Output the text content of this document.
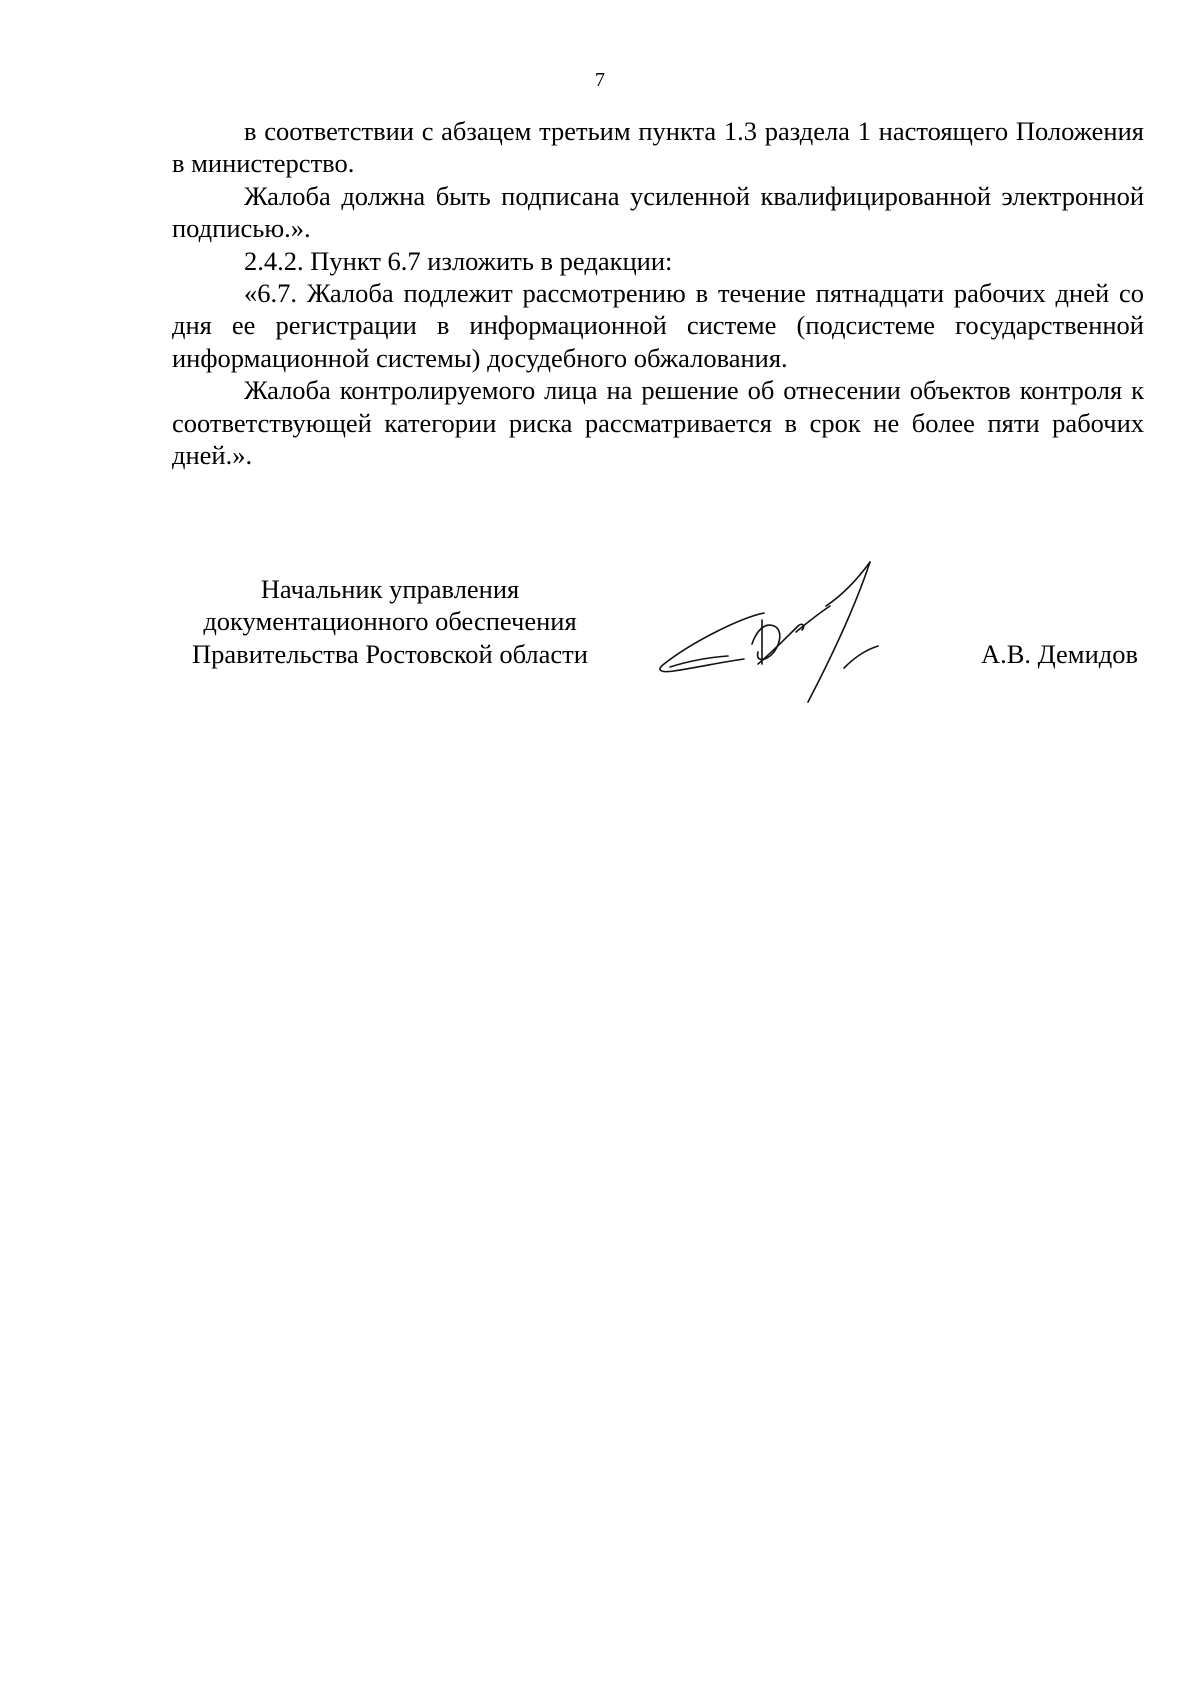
7

в соответствии с абзацем третьим пункта 1.3 раздела 1 настоящего Положения в министерство.

Жалоба должна быть подписана усиленной квалифицированной электронной подписью.».

2.4.2. Пункт 6.7 изложить в редакции:

«6.7. Жалоба подлежит рассмотрению в течение пятнадцати рабочих дней со дня ее регистрации в информационной системе (подсистеме государственной информационной системы) досудебного обжалования.

Жалоба контролируемого лица на решение об отнесении объектов контроля к соответствующей категории риска рассматривается в срок не более пяти рабочих дней.».

Начальник управления
документационного обеспечения
Правительства Ростовской области	А.В. Демидов
